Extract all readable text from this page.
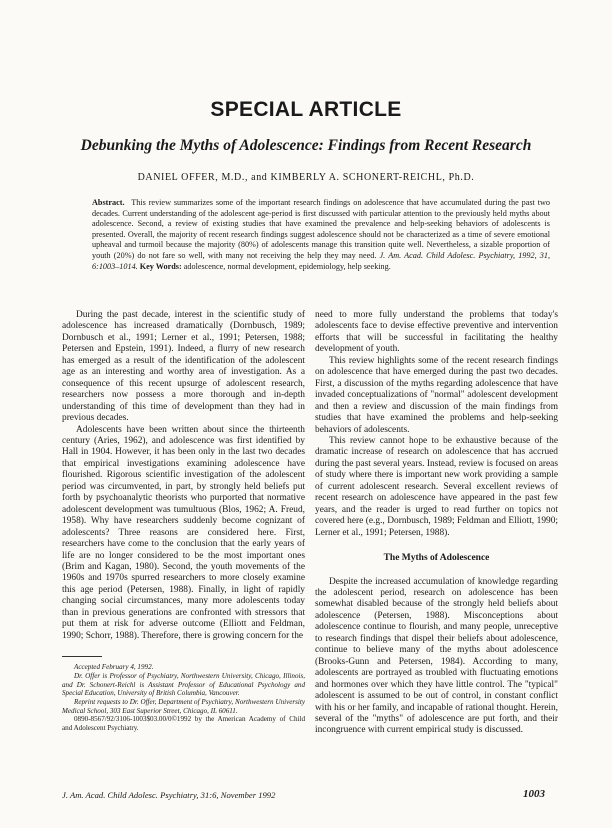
SPECIAL ARTICLE
Debunking the Myths of Adolescence: Findings from Recent Research
DANIEL OFFER, M.D., and KIMBERLY A. SCHONERT-REICHL, Ph.D.
Abstract. This review summarizes some of the important research findings on adolescence that have accumulated during the past two decades. Current understanding of the adolescent age-period is first discussed with particular attention to the previously held myths about adolescence. Second, a review of existing studies that have examined the prevalence and help-seeking behaviors of adolescents is presented. Overall, the majority of recent research findings suggest adolescence should not be characterized as a time of severe emotional upheaval and turmoil because the majority (80%) of adolescents manage this transition quite well. Nevertheless, a sizable proportion of youth (20%) do not fare so well, with many not receiving the help they may need. J. Am. Acad. Child Adolesc. Psychiatry, 1992, 31, 6:1003–1014. Key Words: adolescence, normal development, epidemiology, help seeking.

During the past decade, interest in the scientific study of adolescence has increased dramatically (Dornbusch, 1989; Dornbusch et al., 1991; Lerner et al., 1991; Petersen, 1988; Petersen and Epstein, 1991). Indeed, a flurry of new research has emerged as a result of the identification of the adolescent age as an interesting and worthy area of investigation. As a consequence of this recent upsurge of adolescent research, researchers now possess a more thorough and in-depth understanding of this time of development than they had in previous decades.

Adolescents have been written about since the thirteenth century (Aries, 1962), and adolescence was first identified by Hall in 1904. However, it has been only in the last two decades that empirical investigations examining adolescence have flourished. Rigorous scientific investigation of the adolescent period was circumvented, in part, by strongly held beliefs put forth by psychoanalytic theorists who purported that normative adolescent development was tumultuous (Blos, 1962; A. Freud, 1958). Why have researchers suddenly become cognizant of adolescents? Three reasons are considered here. First, researchers have come to the conclusion that the early years of life are no longer considered to be the most important ones (Brim and Kagan, 1980). Second, the youth movements of the 1960s and 1970s spurred researchers to more closely examine this age period (Petersen, 1988). Finally, in light of rapidly changing social circumstances, many more adolescents today than in previous generations are confronted with stressors that put them at risk for adverse outcome (Elliott and Feldman, 1990; Schorr, 1988). Therefore, there is growing concern for the

Accepted February 4, 1992.
Dr. Offer is Professor of Psychiatry, Northwestern University, Chicago, Illinois, and Dr. Schonert-Reichl is Assistant Professor of Educational Psychology and Special Education, University of British Columbia, Vancouver.
Reprint requests to Dr. Offer, Department of Psychiatry, Northwestern University Medical School, 303 East Superior Street, Chicago, IL 60611.
0890-8567/92/3106-1003$03.00/0©1992 by the American Academy of Child and Adolescent Psychiatry.

need to more fully understand the problems that today's adolescents face to devise effective preventive and intervention efforts that will be successful in facilitating the healthy development of youth.

This review highlights some of the recent research findings on adolescence that have emerged during the past two decades. First, a discussion of the myths regarding adolescence that have invaded conceptualizations of "normal" adolescent development and then a review and discussion of the main findings from studies that have examined the problems and help-seeking behaviors of adolescents.

This review cannot hope to be exhaustive because of the dramatic increase of research on adolescence that has accrued during the past several years. Instead, review is focused on areas of study where there is important new work providing a sample of current adolescent research. Several excellent reviews of recent research on adolescence have appeared in the past few years, and the reader is urged to read further on topics not covered here (e.g., Dornbusch, 1989; Feldman and Elliott, 1990; Lerner et al., 1991; Petersen, 1988).

The Myths of Adolescence

Despite the increased accumulation of knowledge regarding the adolescent period, research on adolescence has been somewhat disabled because of the strongly held beliefs about adolescence (Petersen, 1988). Misconceptions about adolescence continue to flourish, and many people, unreceptive to research findings that dispel their beliefs about adolescence, continue to believe many of the myths about adolescence (Brooks-Gunn and Petersen, 1984). According to many, adolescents are portrayed as troubled with fluctuating emotions and hormones over which they have little control. The "typical" adolescent is assumed to be out of control, in constant conflict with his or her family, and incapable of rational thought. Herein, several of the "myths" of adolescence are put forth, and their incongruence with current empirical study is discussed.

J. Am. Acad. Child Adolesc. Psychiatry, 31:6, November 1992	1003
